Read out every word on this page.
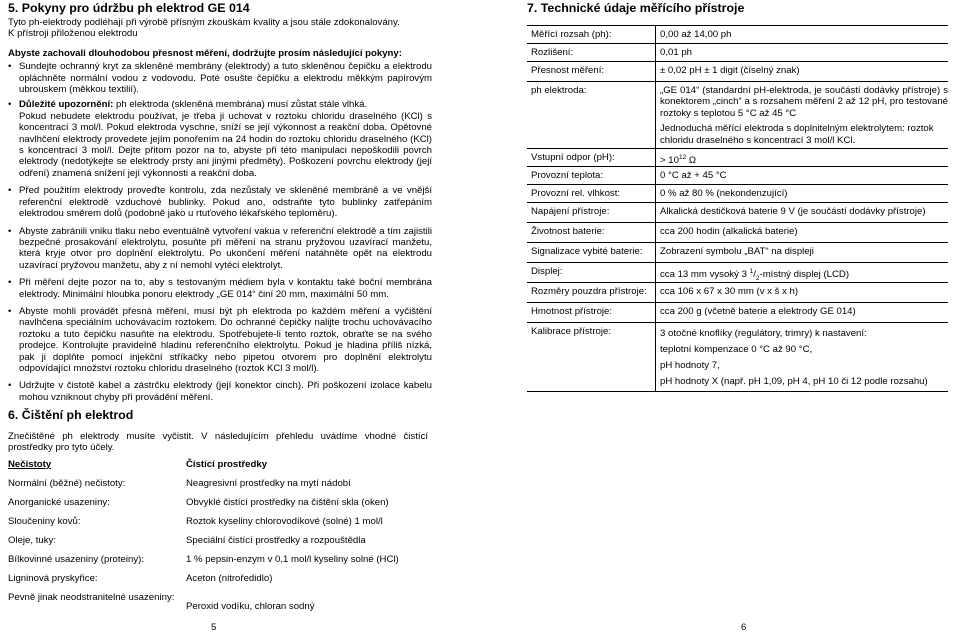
5. Pokyny pro údržbu ph elektrod GE 014

Tyto ph-elektrody podléhají při výrobě přísným zkouškám kvality a jsou stále zdokonalovány.

K přístroji přiloženou elektrodu

Abyste zachovali dlouhodobou přesnost měření, dodržujte prosím následující pokyny:

• Sundejte ochranný kryt za skleněné membrány (elektrody) a tuto skleněnou čepičku a elektrodu opláchněte normální vodou z vodovodu. Poté osušte čepičku a elektrodu měkkým papírovým ubrouskem (měkkou textilií).
• Důležité upozornění: ph elektroda (skleněná membrána) musí zůstat stále vlhká.

Pokud nebudete elektrodu používat, je třeba ji uchovat v roztoku chloridu draselného (KCl) s koncentrací 3 mol/l. Pokud elektroda vyschne, sníží se její výkonnost a reakční doba. Opětovné navlhčení elektrody provedete jejím ponořením na 24 hodin do roztoku chloridu draselného (KCl) s koncentrací 3 mol/l. Dejte přitom pozor na to, abyste při této manipulaci nepoškodili povrch elektrody (nedotýkejte se elektrody prsty ani jinými předměty). Poškození povrchu elektrody (její odření) znamená snížení její výkonnosti a reakční doba.

• Před použitím elektrody proveďte kontrolu, zda nezůstaly ve skleněné membráně a ve vnější referenční elektrodě vzduchové bublinky. Pokud ano, odstraňte tyto bublinky zatřepáním elektrodou směrem dolů (podobně jako u rtuťového lékařského teploměru).
• Abyste zabránili vniku tlaku nebo eventuálně vytvoření vakua v referenční elektrodě a tím zajistili bezpečné prosakování elektrolytu, posuňte při měření na stranu pryžovou uzavírací manžetu, která kryje otvor pro doplnění elektrolytu. Po ukončení měření natáhněte opět na elektrodu uzavírací pryžovou manžetu, aby z ní nemohl vytéci elektrolyt.
• Při měření dejte pozor na to, aby s testovaným médiem byla v kontaktu také boční membrána elektrody. Minimální hloubka ponoru elektrody „GE 014“ činí 20 mm, maximální 50 mm.
• Abyste mohli provádět přesná měření, musí být ph elektroda po každém měření a vyčištění navlhčena speciálním uchovávacím roztokem. Do ochranné čepičky nalijte trochu uchovávacího roztoku a tuto čepičku nasuňte na elektrodu. Spotřebujete-li tento roztok, obraťte se na svého prodejce. Kontrolujte pravidelně hladinu referenčního elektrolytu. Pokud je hladina příliš nízká, pak ji doplňte pomocí injekční stříkačky nebo pipetou otvorem pro doplnění elektrolytu odpovídající množství roztoku chloridu draselného (roztok KCl 3 mol/l).
• Udržujte v čistotě kabel a zástrčku elektrody (její konektor cinch). Při poškození izolace kabelu mohou vzniknout chyby při provádění měření.
6. Čištění ph elektrod

Znečištěné ph elektrody musíte vyčistit. V následujícím přehledu uvádíme vhodné čistící prostředky pro tyto účely.

Nečistoty	Čistící prostředky
Normální (běžné) nečistoty:	Neagresivní prostředky na mytí nádobí
Anorganické usazeniny:	Obvyklé čistící prostředky na čištění skla (oken)
Sloučeniny kovů:	Roztok kyseliny chlorovodíkové (solné) 1 mol/l
Oleje, tuky:	Speciální čistící prostředky a rozpouštědla
Bílkovinné usazeniny (proteiny):	1 % pepsin-enzym v 0,1 mol/l kyseliny solné (HCl)
Ligninová pryskyřice:	Aceton (nitroředidlo)
Pevně jinak neodstranitelné usazeniny:
Peroxid vodíku, chloran sodný
5
7. Technické údaje měřícího přístroje
Měřící rozsah (ph):	0,00 až 14,00 ph
Rozlišení:	0,01 ph
Přesnost měření:	± 0,02 pH ± 1 digit (číselný znak)
ph elektroda:	„GE 014“ (standardní pH-elektroda, je součástí dodávky přístroje) s konektorem „cinch“ a s rozsahem měření 2 až 12 pH, pro testované roztoky s teplotou 5 °C až 45 °C

Jednoduchá měřící elektroda s doplnitelným elektrolytem: roztok chloridu draselného s koncentrací 3 mol/l KCl.

Vstupní odpor (pH):	> $10^{12}$ Ω
Provozní teplota:	0 °C až + 45 °C
Provozní rel. vlhkost:	0 % až 80 % (nekondenzující)
Napájení přístroje:	Alkalická destičková baterie 9 V (je součástí dodávky přístroje)
Životnost baterie:	cca 200 hodin (alkalická baterie)
Signalizace vybité baterie:	Zobrazení symbolu „BAT“ na displeji
Displej:	cca 13 mm vysoký 3 $^1/_2$-místný displej (LCD)
Rozměry pouzdra přístroje:	cca 106 x 67 x 30 mm (v x š x h)
Hmotnost přístroje:	cca 200 g (včetně baterie a elektrody GE 014)
Kalibrace přístroje:	3 otočné knoflíky (regulátory, trimry) k nastavení:

teplotní kompenzace 0 °C až 90 °C,

pH hodnoty 7,

pH hodnoty X (např. pH 1,09, pH 4, pH 10 či 12 podle rozsahu)

6
